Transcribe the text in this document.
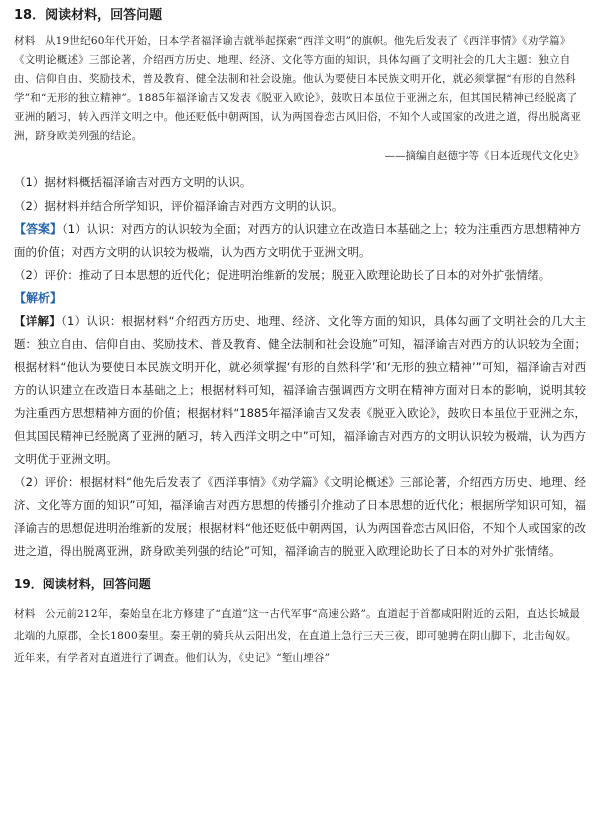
18．阅读材料，回答问题

材料 从19世纪60年代开始，日本学者福泽谕吉就举起探索“西洋文明”的旗帜。他先后发表了《西洋事情》《劝学篇》《文明论概述》三部论著，介绍西方历史、地理、经济、文化等方面的知识，具体勾画了文明社会的几大主题：独立自由、信仰自由、奖励技术，普及教育、健全法制和社会设施。他认为要使日本民族文明开化，就必须掌握“有形的自然科学”和“无形的独立精神”。1885年福泽谕吉又发表《脱亚入欧论》，鼓吹日本虽位于亚洲之东，但其国民精神已经脱离了亚洲的陋习，转入西洋文明之中。他还贬低中朝两国，认为两国眷恋古风旧俗，不知个人或国家的改进之道，得出脱离亚洲，跻身欧美列强的结论。

——摘编自赵德宇等《日本近现代文化史》

（1）据材料概括福泽谕吉对西方文明的认识。

（2）据材料并结合所学知识，评价福泽谕吉对西方文明的认识。

【答案】（1）认识：对西方的认识较为全面；对西方的认识建立在改造日本基础之上；较为注重西方思想精神方面的价值；对西方文明的认识较为极端，认为西方文明优于亚洲文明。

（2）评价：推动了日本思想的近代化；促进明治维新的发展；脱亚入欧理论助长了日本的对外扩张情绪。

【解析】

【详解】（1）认识：根据材料“介绍西方历史、地理、经济、文化等方面的知识，具体勾画了文明社会的几大主题：独立自由、信仰自由、奖励技术、普及教育、健全法制和社会设施”可知，福泽谕吉对西方的认识较为全面；根据材料“他认为要使日本民族文明开化，就必须掌握‘有形的自然科学’和‘无形的独立精神’”可知，福泽谕吉对西方的认识建立在改造日本基础之上；根据材料可知，福泽谕吉强调西方文明在精神方面对日本的影响，说明其较为注重西方思想精神方面的价值；根据材料“1885年福泽谕吉又发表《脱亚入欧论》，鼓吹日本虽位于亚洲之东，但其国民精神已经脱离了亚洲的陋习，转入西洋文明之中”可知，福泽谕吉对西方的文明认识较为极端，认为西方文明优于亚洲文明。

（2）评价：根据材料“他先后发表了《西洋事情》《劝学篇》《文明论概述》三部论著，介绍西方历史、地理、经济、文化等方面的知识”可知，福泽谕吉对西方思想的传播引介推动了日本思想的近代化；根据所学知识可知，福泽谕吉的思想促进明治维新的发展；根据材料“他还贬低中朝两国，认为两国眷恋古风旧俗，不知个人或国家的改进之道，得出脱离亚洲，跻身欧美列强的结论”可知，福泽谕吉的脱亚入欧理论助长了日本的对外扩张情绪。

19．阅读材料，回答问题

材料 公元前212年，秦始皇在北方修建了“直道”这一古代军事“高速公路”。直道起于首都咸阳附近的云阳，直达长城最北端的九原郡，全长1800秦里。秦王朝的骑兵从云阳出发，在直道上急行三天三夜，即可驰骋在阴山脚下，北击匈奴。近年来，有学者对直道进行了调查。他们认为，《史记》“堑山堙谷”
